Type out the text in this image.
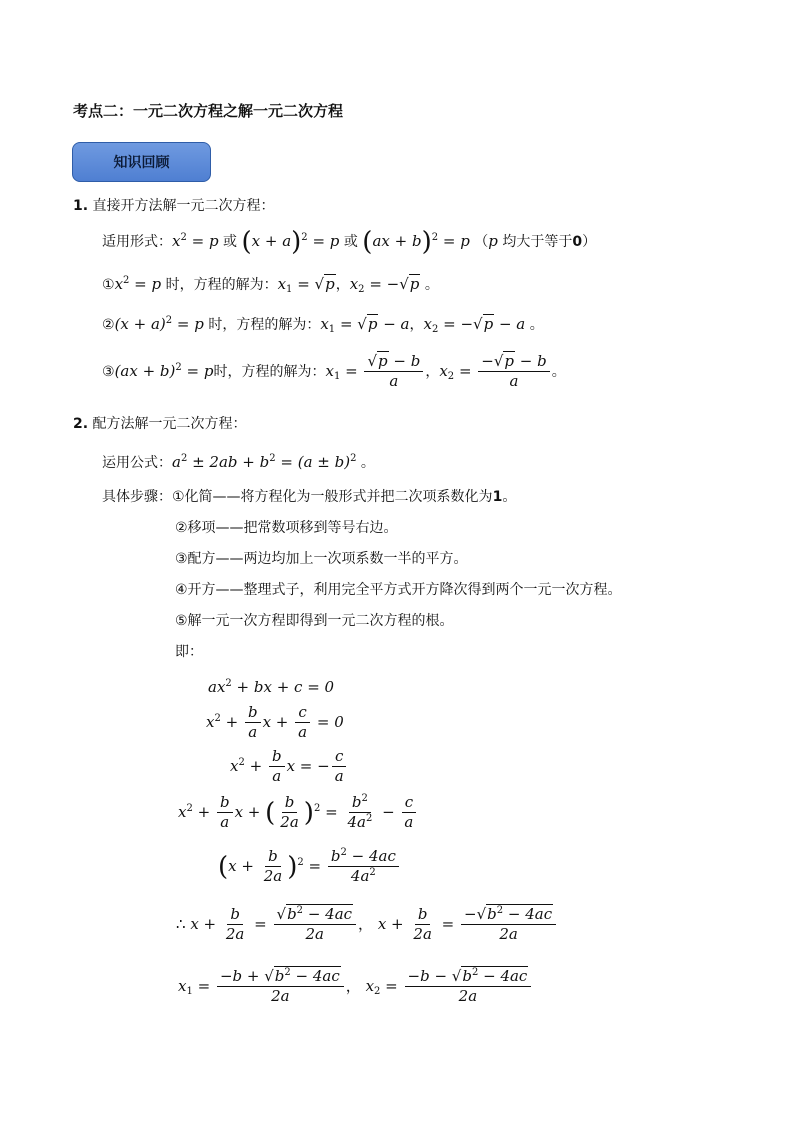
考点二：一元二次方程之解一元二次方程
知识回顾
1. 直接开方法解一元二次方程：
适用形式：$x^2 = p$ 或 $(x + a)^2 = p$ 或 (ax + b)$^2$ = p （p 均大于等于0）
$①x^2 = p$ 时，方程的解为：$x_1 = √p$，$x_2 = -√p$ 。
②(x + a)$^2$ = p 时，方程的解为：$x_1 = √p - a$，$x_2 = -√p - a$ 。
③(ax + b)$^2$ = p时，方程的解为：$x_1 = \frac{√p - b}{a}$ ，$x_2 = \frac{-√p - b}{a}$ 。
2. 配方法解一元二次方程：
运用公式：$a^2 \pm 2ab + b^2 = (a \pm b)^2$ 。
具体步骤：①化简——将方程化为一般形式并把二次项系数化为1。
②移项——把常数项移到等号右边。
③配方——两边均加上一次项系数一半的平方。
④开方——整理式子，利用完全平方式开方降次得到两个一元一次方程。
⑤解一元一次方程即得到一元二次方程的根。
即：
$ax^2$ + bx + c = 0
$x^2 + \frac{b}{a}$ $x + \frac{c}{a} = 0$
$x^2 + \frac{b}{a}$ x = − $\frac{c}{a}$
$x^2 + \frac{b}{a}$ x + ( $\frac{b}{2a} )^2 = \frac{b^2}{4a^2} - \frac{c}{a}$
$(x + \frac{b}{2a} )^2 = \frac{b^2 - 4ac}{4a^2}$
∴ $x + \frac{b}{2a} = \frac{√b^2 - 4ac}{2a}$ ， $x + \frac{b}{2a} = \frac{-√b^2 - 4ac}{2a}$
$x_1 = \frac{-b + √b^2 - 4ac}{2a}$ ， $x_2 = \frac{-b - √b^2 - 4ac}{2a}$
